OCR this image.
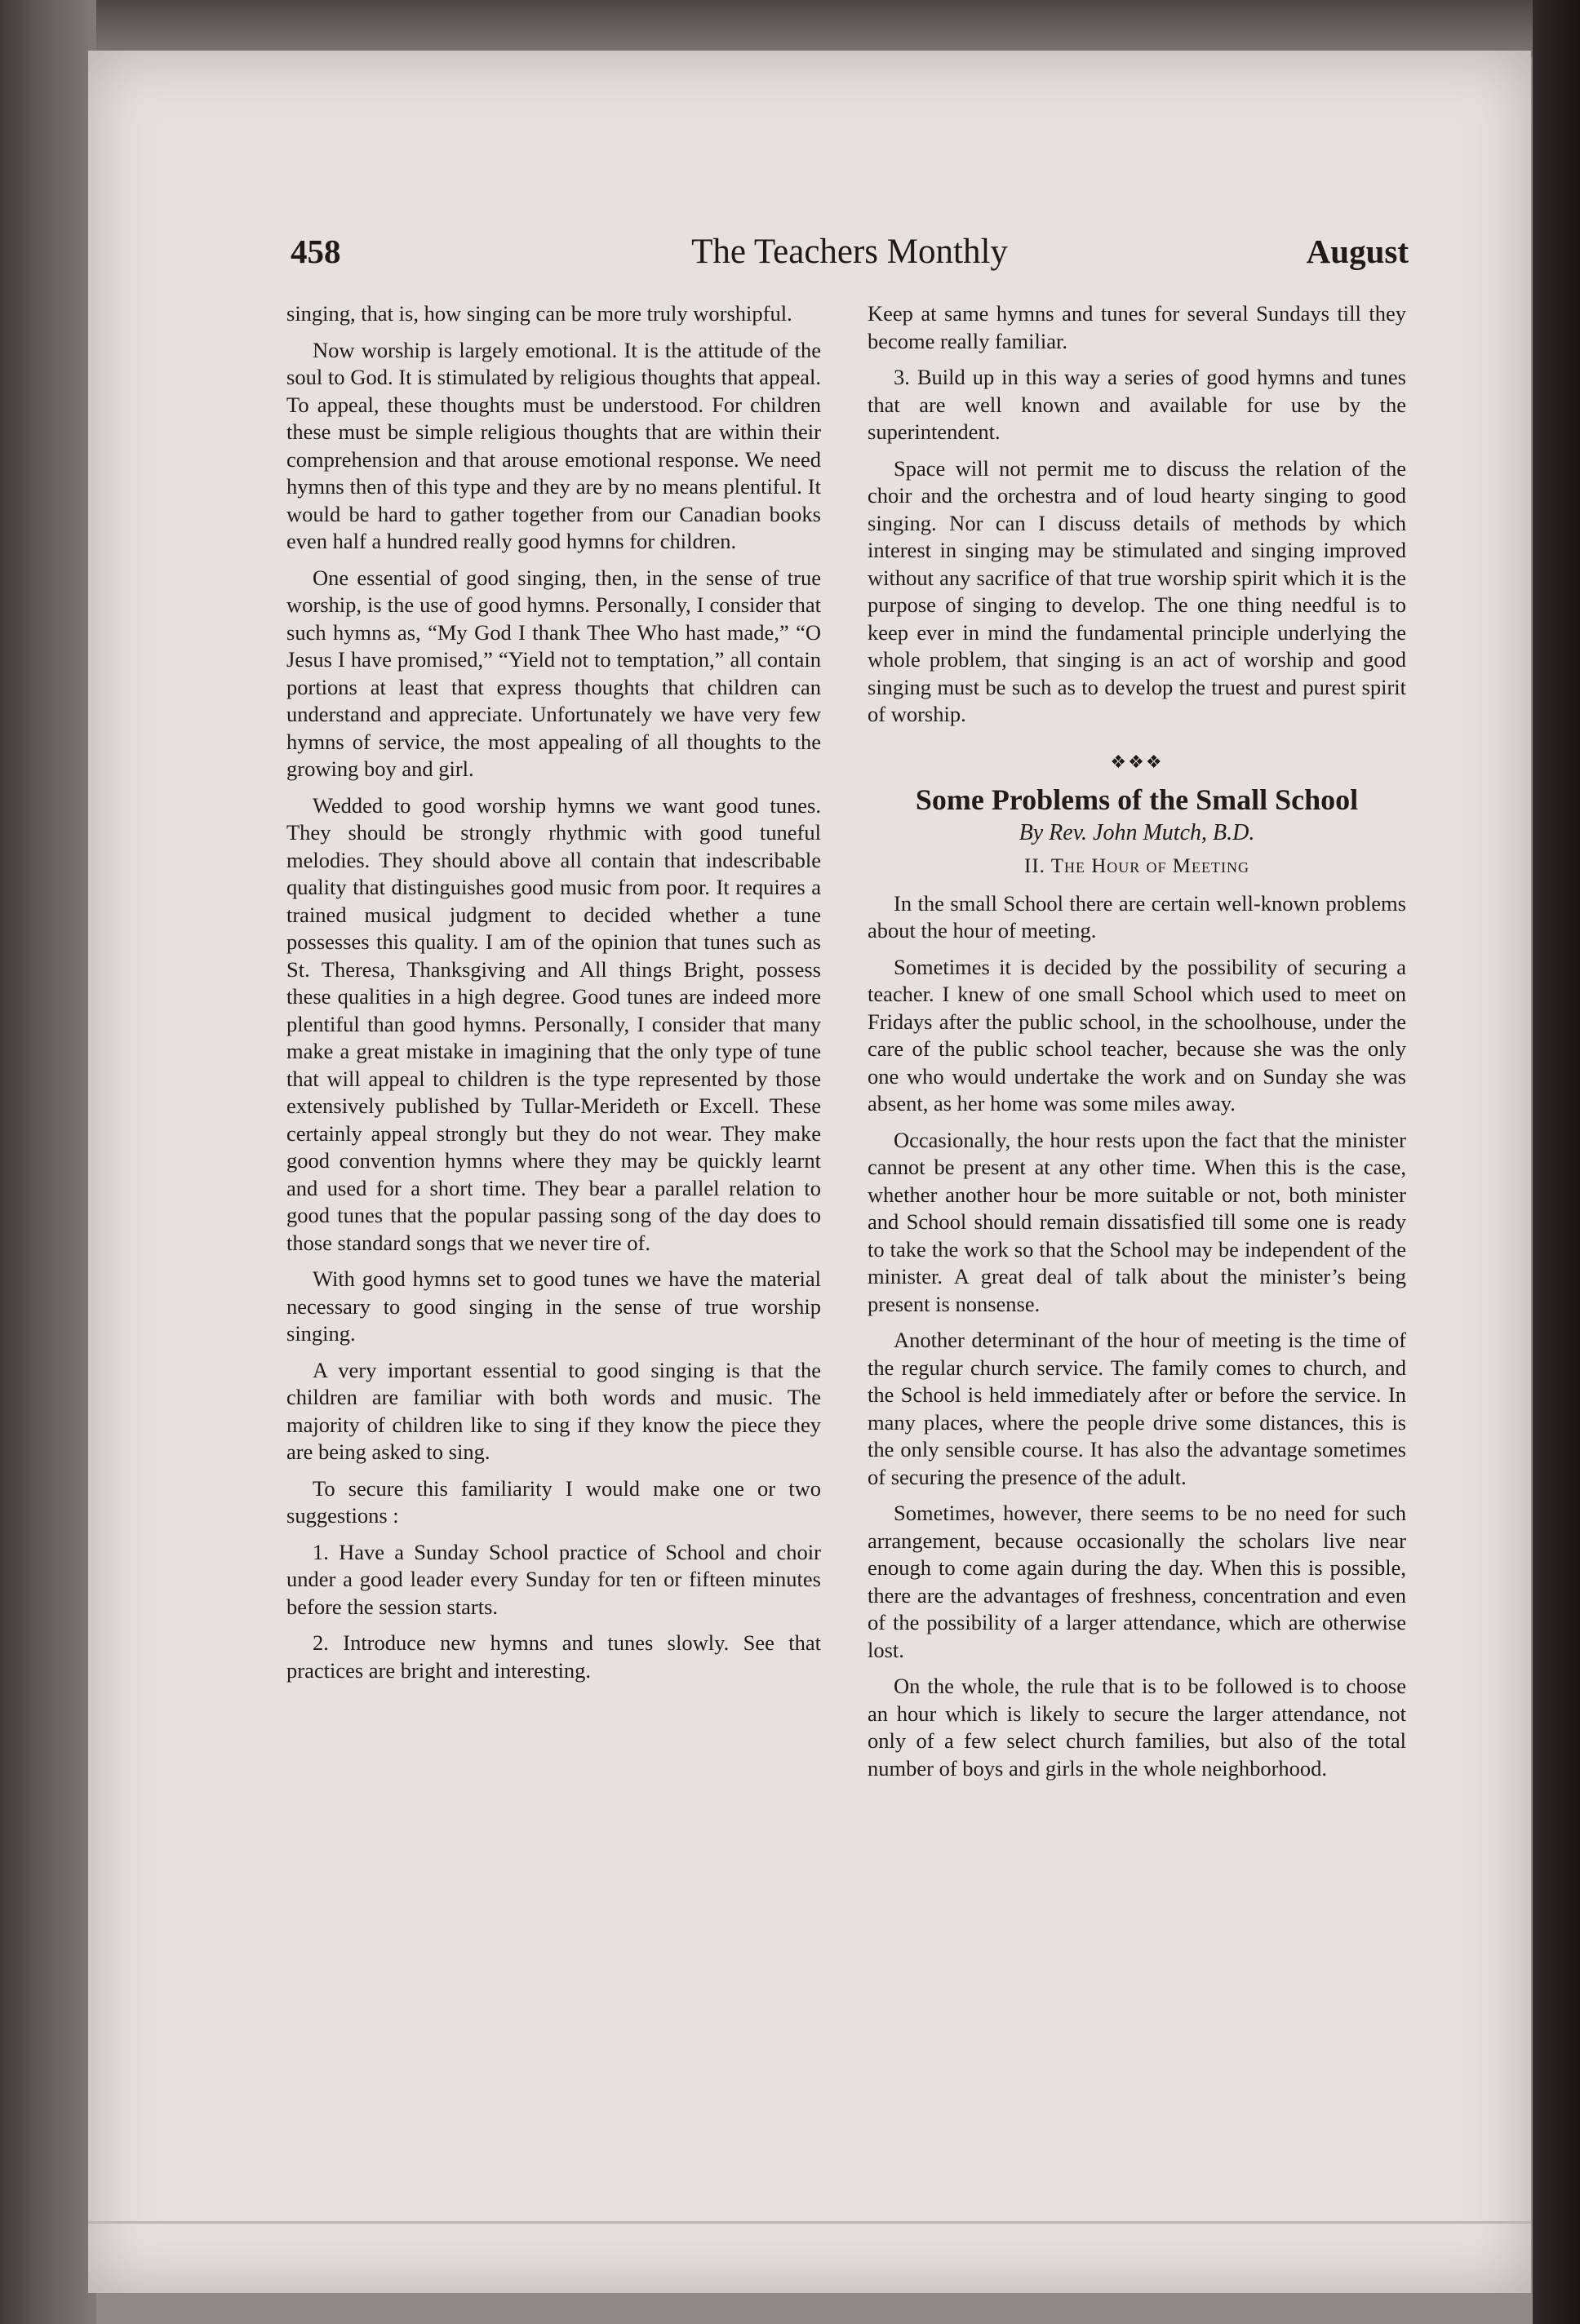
458	The Teachers Monthly	August

singing, that is, how singing can be more truly worshipful.

Now worship is largely emotional. It is the attitude of the soul to God. It is stimulated by religious thoughts that appeal. To appeal, these thoughts must be understood. For children these must be simple religious thoughts that are within their comprehension and that arouse emotional response. We need hymns then of this type and they are by no means plentiful. It would be hard to gather together from our Canadian books even half a hundred really good hymns for children.

One essential of good singing, then, in the sense of true worship, is the use of good hymns. Personally, I consider that such hymns as, “My God I thank Thee Who hast made,” “O Jesus I have promised,” “Yield not to temptation,” all contain portions at least that express thoughts that children can understand and appreciate. Unfortunately we have very few hymns of service, the most appealing of all thoughts to the growing boy and girl.

Wedded to good worship hymns we want good tunes. They should be strongly rhythmic with good tuneful melodies. They should above all contain that indescribable quality that distinguishes good music from poor. It requires a trained musical judgment to decided whether a tune possesses this quality. I am of the opinion that tunes such as St. Theresa, Thanksgiving and All things Bright, possess these qualities in a high degree. Good tunes are indeed more plentiful than good hymns. Personally, I consider that many make a great mistake in imagining that the only type of tune that will appeal to children is the type represented by those extensively published by Tullar-Merideth or Excell. These certainly appeal strongly but they do not wear. They make good convention hymns where they may be quickly learnt and used for a short time. They bear a parallel relation to good tunes that the popular passing song of the day does to those standard songs that we never tire of.

With good hymns set to good tunes we have the material necessary to good singing in the sense of true worship singing.

A very important essential to good singing is that the children are familiar with both words and music. The majority of children like to sing if they know the piece they are being asked to sing.

To secure this familiarity I would make one or two suggestions :

1. Have a Sunday School practice of School and choir under a good leader every Sunday for ten or fifteen minutes before the session starts.

2. Introduce new hymns and tunes slowly. See that practices are bright and interesting.

Keep at same hymns and tunes for several Sundays till they become really familiar.

3. Build up in this way a series of good hymns and tunes that are well known and available for use by the superintendent.

Space will not permit me to discuss the relation of the choir and the orchestra and of loud hearty singing to good singing. Nor can I discuss details of methods by which interest in singing may be stimulated and singing improved without any sacrifice of that true worship spirit which it is the purpose of singing to develop. The one thing needful is to keep ever in mind the fundamental principle underlying the whole problem, that singing is an act of worship and good singing must be such as to develop the truest and purest spirit of worship.

❖❖❖
Some Problems of the Small School
By Rev. John Mutch, B.D.
II. The Hour of Meeting

In the small School there are certain well-known problems about the hour of meeting.

Sometimes it is decided by the possibility of securing a teacher. I knew of one small School which used to meet on Fridays after the public school, in the schoolhouse, under the care of the public school teacher, because she was the only one who would undertake the work and on Sunday she was absent, as her home was some miles away.

Occasionally, the hour rests upon the fact that the minister cannot be present at any other time. When this is the case, whether another hour be more suitable or not, both minister and School should remain dissatisfied till some one is ready to take the work so that the School may be independent of the minister. A great deal of talk about the minister’s being present is nonsense.

Another determinant of the hour of meeting is the time of the regular church service. The family comes to church, and the School is held immediately after or before the service. In many places, where the people drive some distances, this is the only sensible course. It has also the advantage sometimes of securing the presence of the adult.

Sometimes, however, there seems to be no need for such arrangement, because occasionally the scholars live near enough to come again during the day. When this is possible, there are the advantages of freshness, concentration and even of the possibility of a larger attendance, which are otherwise lost.

On the whole, the rule that is to be followed is to choose an hour which is likely to secure the larger attendance, not only of a few select church families, but also of the total number of boys and girls in the whole neighborhood.
